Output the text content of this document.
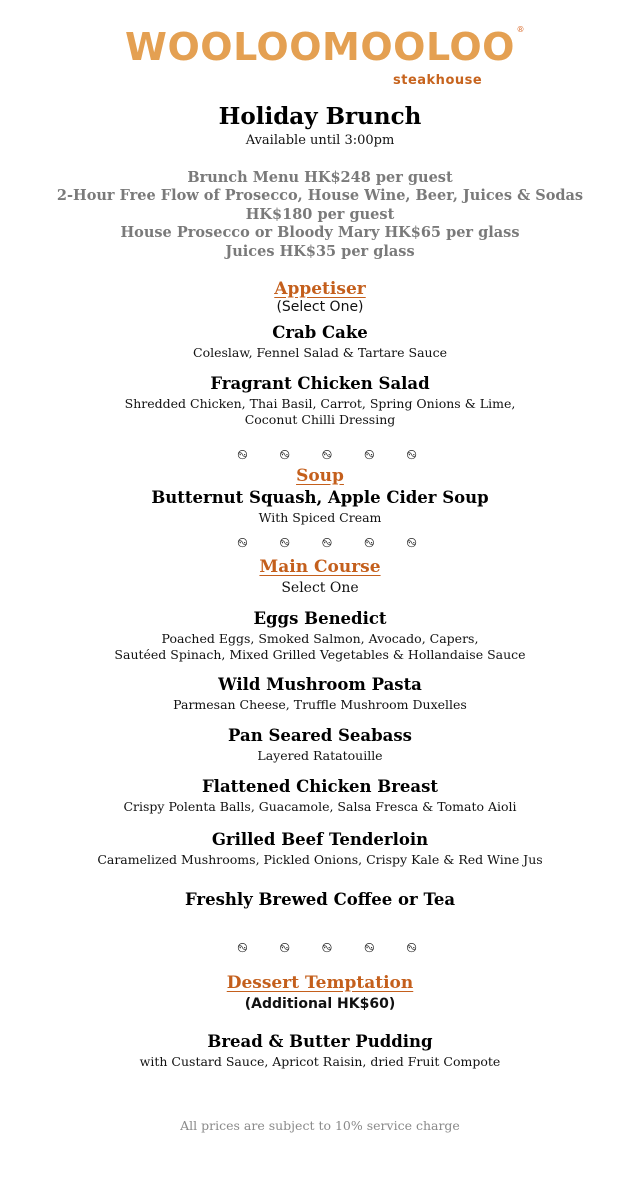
WOOLOOMOOLOO ®
steakhouse
Holiday Brunch
Available until 3:00pm
Brunch Menu HK$248 per guest
2-Hour Free Flow of Prosecco, House Wine, Beer, Juices & Sodas
HK$180 per guest
House Prosecco or Bloody Mary HK$65 per glass
Juices HK$35 per glass
Appetiser
(Select One)
Crab Cake
Coleslaw, Fennel Salad & Tartare Sauce
Fragrant Chicken Salad
Shredded Chicken, Thai Basil, Carrot, Spring Onions & Lime,
Coconut Chilli Dressing
࿊ ࿊ ࿊ ࿊ ࿊
Soup
Butternut Squash, Apple Cider Soup
With Spiced Cream
࿊ ࿊ ࿊ ࿊ ࿊
Main Course
Select One
Eggs Benedict
Poached Eggs, Smoked Salmon, Avocado, Capers,
Sautéed Spinach, Mixed Grilled Vegetables & Hollandaise Sauce
Wild Mushroom Pasta
Parmesan Cheese, Truffle Mushroom Duxelles
Pan Seared Seabass
Layered Ratatouille
Flattened Chicken Breast
Crispy Polenta Balls, Guacamole, Salsa Fresca & Tomato Aioli
Grilled Beef Tenderloin
Caramelized Mushrooms, Pickled Onions, Crispy Kale & Red Wine Jus
Freshly Brewed Coffee or Tea
࿊ ࿊ ࿊ ࿊ ࿊
Dessert Temptation
(Additional HK$60)
Bread & Butter Pudding
with Custard Sauce, Apricot Raisin, dried Fruit Compote
All prices are subject to 10% service charge
